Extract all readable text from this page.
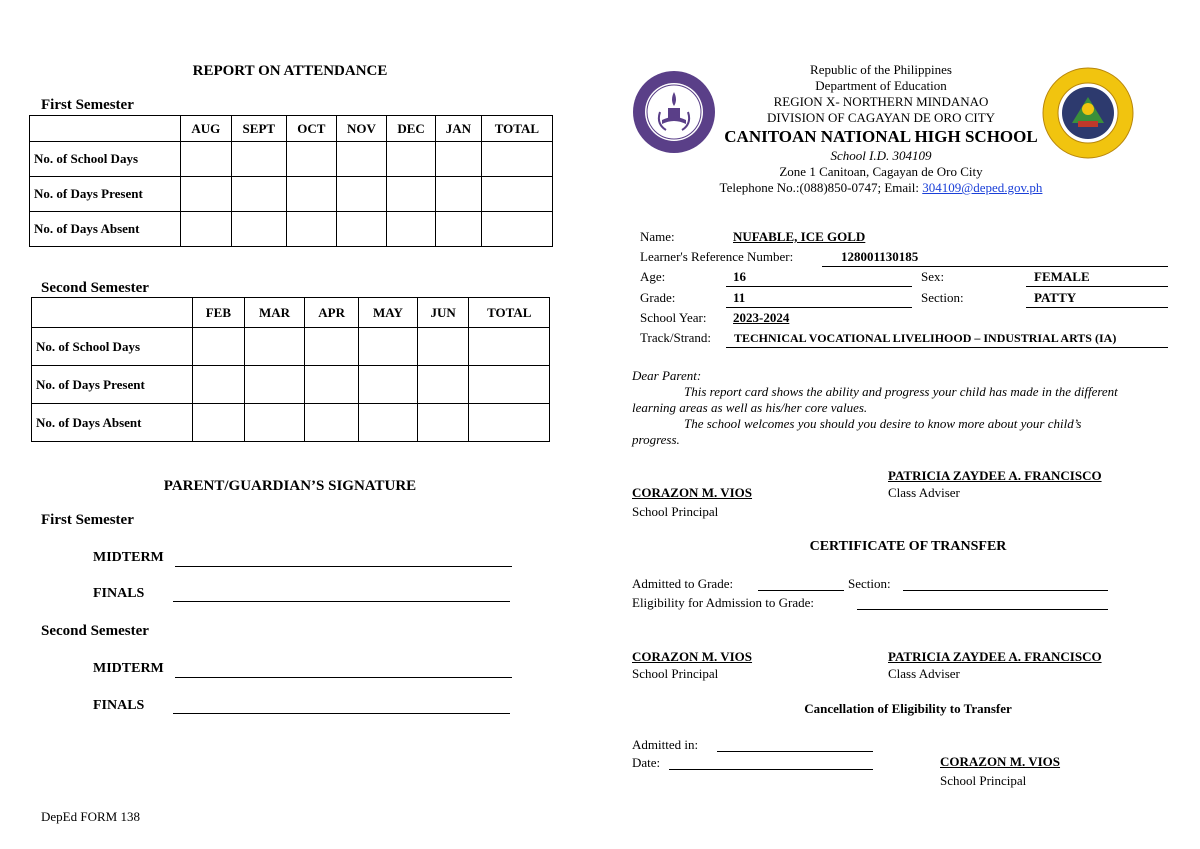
REPORT ON ATTENDANCE
First Semester
	AUG	SEPT	OCT	NOV	DEC	JAN	TOTAL
No. of School Days							
No. of Days Present							
No. of Days Absent							
Second Semester
	FEB	MAR	APR	MAY	JUN	TOTAL
No. of School Days						
No. of Days Present						
No. of Days Absent						
PARENT/GUARDIAN’S SIGNATURE
First Semester
MIDTERM
FINALS
Second Semester
MIDTERM
FINALS
DepEd FORM 138
Republic of the Philippines
Department of Education
REGION X- NORTHERN MINDANAO
DIVISION OF CAGAYAN DE ORO CITY
CANITOAN NATIONAL HIGH SCHOOL
School I.D. 304109
Zone 1 Canitoan, Cagayan de Oro City
Telephone No.:(088)850-0747; Email: 304109@deped.gov.ph
Name:	NUFABLE, ICE GOLD
Learner's Reference Number:	128001130185
Age:	16	Sex:	FEMALE
Grade:	11	Section:	PATTY
School Year: 2023-2024
Track/Strand: TECHNICAL VOCATIONAL LIVELIHOOD – INDUSTRIAL ARTS (IA)
Dear Parent:
This report card shows the ability and progress your child has made in the different learning areas as well as his/her core values.
The school welcomes you should you desire to know more about your child’s progress.
PATRICIA ZAYDEE A. FRANCISCO
Class Adviser
CORAZON M. VIOS
School Principal
CERTIFICATE OF TRANSFER
Admitted to Grade:	Section:
Eligibility for Admission to Grade:
CORAZON M. VIOS
School Principal
PATRICIA ZAYDEE A. FRANCISCO
Class Adviser
Cancellation of Eligibility to Transfer
Admitted in:
Date:	CORAZON M. VIOS
School Principal
